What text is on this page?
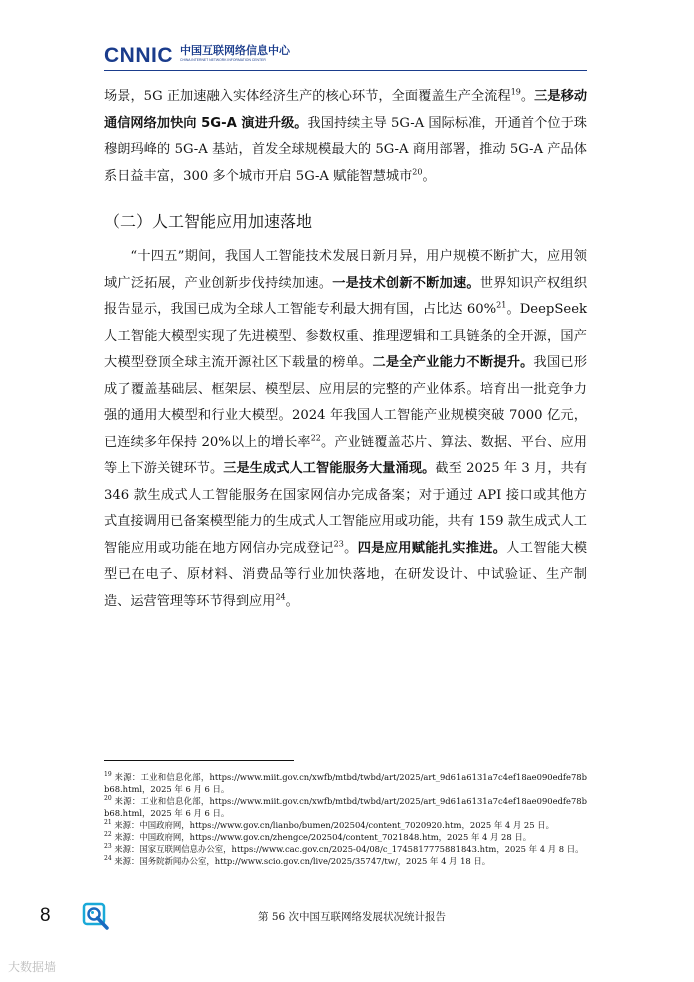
CNNIC 中国互联网络信息中心
CHINA INTERNET NETWORK INFORMATION CENTER

场景，5G 正加速融入实体经济生产的核心环节，全面覆盖生产全流程$^{19}$。三是移动通信网络加快向 5G-A 演进升级。我国持续主导 5G-A 国际标准，开通首个位于珠穆朗玛峰的 5G-A 基站，首发全球规模最大的 5G-A 商用部署，推动 5G-A 产品体系日益丰富，300 多个城市开启 5G-A 赋能智慧城市$^{20}$。

（二）人工智能应用加速落地

“十四五”期间，我国人工智能技术发展日新月异，用户规模不断扩大，应用领域广泛拓展，产业创新步伐持续加速。一是技术创新不断加速。世界知识产权组织报告显示，我国已成为全球人工智能专利最大拥有国，占比达 60%$^{21}$。DeepSeek 人工智能大模型实现了先进模型、参数权重、推理逻辑和工具链条的全开源，国产大模型登顶全球主流开源社区下载量的榜单。二是全产业能力不断提升。我国已形成了覆盖基础层、框架层、模型层、应用层的完整的产业体系。培育出一批竞争力强的通用大模型和行业大模型。2024 年我国人工智能产业规模突破 7000 亿元，已连续多年保持 20%以上的增长率$^{22}$。产业链覆盖芯片、算法、数据、平台、应用等上下游关键环节。三是生成式人工智能服务大量涌现。截至 2025 年 3 月，共有 346 款生成式人工智能服务在国家网信办完成备案；对于通过 API 接口或其他方式直接调用已备案模型能力的生成式人工智能应用或功能，共有 159 款生成式人工智能应用或功能在地方网信办完成登记$^{23}$。四是应用赋能扎实推进。人工智能大模型已在电子、原材料、消费品等行业加快落地，在研发设计、中试验证、生产制造、运营管理等环节得到应用$^{24}$。

$^{19}$ 来源：工业和信息化部，https://www.miit.gov.cn/xwfb/mtbd/twbd/art/2025/art_9d61a6131a7c4ef18ae090edfe78bb68.html，2025 年 6 月 6 日。

$^{20}$ 来源：工业和信息化部，https://www.miit.gov.cn/xwfb/mtbd/twbd/art/2025/art_9d61a6131a7c4ef18ae090edfe78bb68.html，2025 年 6 月 6 日。

$^{21}$ 来源：中国政府网，https://www.gov.cn/lianbo/bumen/202504/content_7020920.htm，2025 年 4 月 25 日。

$^{22}$ 来源：中国政府网，https://www.gov.cn/zhengce/202504/content_7021848.htm，2025 年 4 月 28 日。

$^{23}$ 来源：国家互联网信息办公室，https://www.cac.gov.cn/2025-04/08/c_1745817775881843.htm，2025 年 4 月 8 日。

$^{24}$ 来源：国务院新闻办公室，http://www.scio.gov.cn/live/2025/35747/tw/，2025 年 4 月 18 日。

8	第 56 次中国互联网络发展状况统计报告
大数据墙
